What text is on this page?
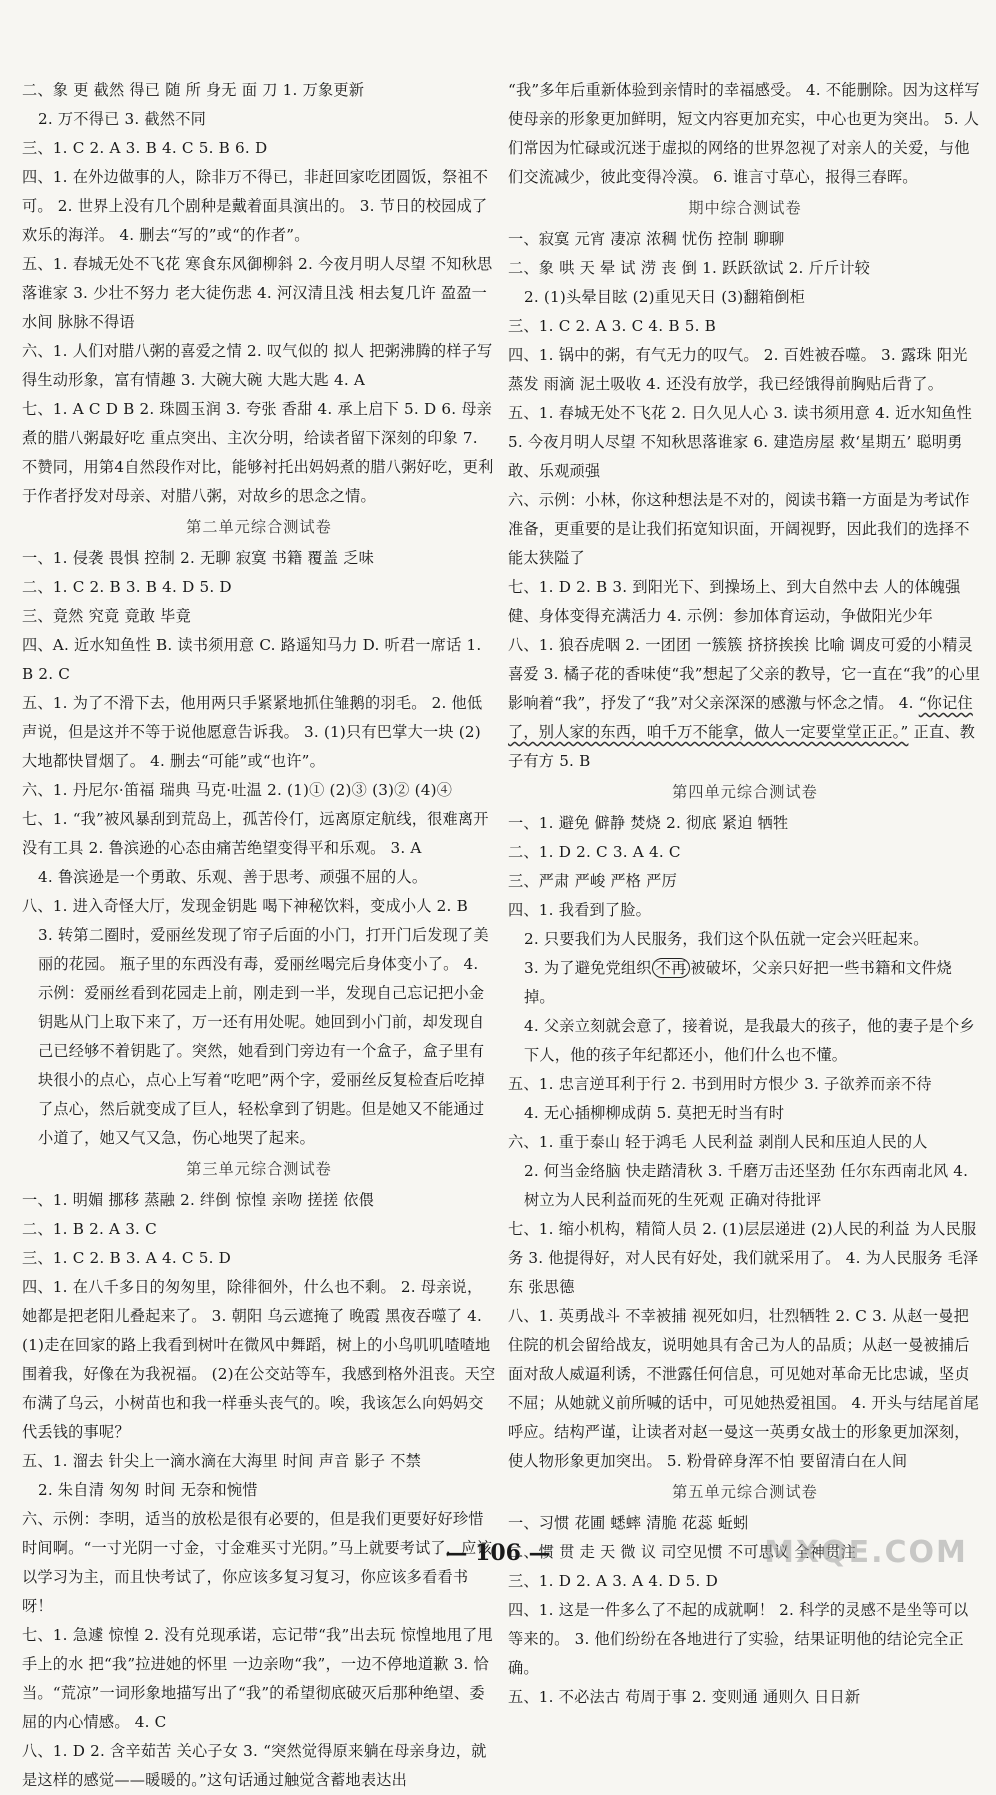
二、象 更 截然 得已 随 所 身无 面 刀 1. 万象更新

2. 万不得已 3. 截然不同

三、1. C 2. A 3. B 4. C 5. B 6. D

四、1. 在外边做事的人，除非万不得已，非赶回家吃团圆饭，祭祖不可。 2. 世界上没有几个剧种是戴着面具演出的。 3. 节日的校园成了欢乐的海洋。 4. 删去“写的”或“的作者”。

五、1. 春城无处不飞花 寒食东风御柳斜 2. 今夜月明人尽望 不知秋思落谁家 3. 少壮不努力 老大徒伤悲 4. 河汉清且浅 相去复几许 盈盈一水间 脉脉不得语

六、1. 人们对腊八粥的喜爱之情 2. 叹气似的 拟人 把粥沸腾的样子写得生动形象，富有情趣 3. 大碗大碗 大匙大匙 4. A

七、1. A C D B 2. 珠圆玉润 3. 夸张 香甜 4. 承上启下 5. D 6. 母亲煮的腊八粥最好吃 重点突出、主次分明，给读者留下深刻的印象 7. 不赞同，用第4自然段作对比，能够衬托出妈妈煮的腊八粥好吃，更利于作者抒发对母亲、对腊八粥，对故乡的思念之情。

第二单元综合测试卷

一、1. 侵袭 畏惧 控制 2. 无聊 寂寞 书籍 覆盖 乏味

二、1. C 2. B 3. B 4. D 5. D

三、竟然 究竟 竟敢 毕竟

四、A. 近水知鱼性 B. 读书须用意 C. 路遥知马力 D. 听君一席话 1. B 2. C

五、1. 为了不滑下去，他用两只手紧紧地抓住雏鹅的羽毛。 2. 他低声说，但是这并不等于说他愿意告诉我。 3. (1)只有巴掌大一块 (2)大地都快冒烟了。 4. 删去“可能”或“也许”。

六、1. 丹尼尔·笛福 瑞典 马克·吐温 2. (1)① (2)③ (3)② (4)④

七、1. “我”被风暴刮到荒岛上，孤苦伶仃，远离原定航线，很难离开 没有工具 2. 鲁滨逊的心态由痛苦绝望变得平和乐观。 3. A

4. 鲁滨逊是一个勇敢、乐观、善于思考、顽强不屈的人。

八、1. 进入奇怪大厅，发现金钥匙 喝下神秘饮料，变成小人 2. B

3. 转第二圈时，爱丽丝发现了帘子后面的小门，打开门后发现了美丽的花园。 瓶子里的东西没有毒，爱丽丝喝完后身体变小了。 4. 示例：爱丽丝看到花园走上前，刚走到一半，发现自己忘记把小金钥匙从门上取下来了，万一还有用处呢。她回到小门前，却发现自己已经够不着钥匙了。突然，她看到门旁边有一个盒子，盒子里有块很小的点心，点心上写着“吃吧”两个字，爱丽丝反复检查后吃掉了点心，然后就变成了巨人，轻松拿到了钥匙。但是她又不能通过小道了，她又气又急，伤心地哭了起来。

第三单元综合测试卷

一、1. 明媚 挪移 蒸融 2. 绊倒 惊惶 亲吻 搓搓 依偎

二、1. B 2. A 3. C

三、1. C 2. B 3. A 4. C 5. D

四、1. 在八千多日的匆匆里，除徘徊外，什么也不剩。 2. 母亲说，她都是把老阳儿叠起来了。 3. 朝阳 乌云遮掩了 晚霞 黑夜吞噬了 4. (1)走在回家的路上我看到树叶在微风中舞蹈，树上的小鸟叽叽喳喳地围着我，好像在为我祝福。 (2)在公交站等车，我感到格外沮丧。天空布满了乌云，小树苗也和我一样垂头丧气的。唉，我该怎么向妈妈交代丢钱的事呢？

五、1. 溜去 针尖上一滴水滴在大海里 时间 声音 影子 不禁

2. 朱自清 匆匆 时间 无奈和惋惜

六、示例：李明，适当的放松是很有必要的，但是我们更要好好珍惜时间啊。“一寸光阴一寸金，寸金难买寸光阴。”马上就要考试了，应该以学习为主，而且快考试了，你应该多复习复习，你应该多看看书呀！

七、1. 急遽 惊惶 2. 没有兑现承诺，忘记带“我”出去玩 惊惶地甩了甩手上的水 把“我”拉进她的怀里 一边亲吻“我”，一边不停地道歉 3. 恰当。“荒凉”一词形象地描写出了“我”的希望彻底破灭后那种绝望、委屈的内心情感。 4. C

八、1. D 2. 含辛茹苦 关心子女 3. “突然觉得原来躺在母亲身边，就是这样的感觉——暖暖的。”这句话通过触觉含蓄地表达出

“我”多年后重新体验到亲情时的幸福感受。 4. 不能删除。因为这样写使母亲的形象更加鲜明，短文内容更加充实，中心也更为突出。 5. 人们常因为忙碌或沉迷于虚拟的网络的世界忽视了对亲人的关爱，与他们交流减少，彼此变得冷漠。 6. 谁言寸草心，报得三春晖。

期中综合测试卷

一、寂寞 元宵 凄凉 浓稠 忧伤 控制 聊聊

二、象 哄 天 晕 试 涝 丧 倒 1. 跃跃欲试 2. 斤斤计较

2. (1)头晕目眩 (2)重见天日 (3)翻箱倒柜

三、1. C 2. A 3. C 4. B 5. B

四、1. 锅中的粥，有气无力的叹气。 2. 百姓被吞噬。 3. 露珠 阳光蒸发 雨滴 泥土吸收 4. 还没有放学，我已经饿得前胸贴后背了。

五、1. 春城无处不飞花 2. 日久见人心 3. 读书须用意 4. 近水知鱼性 5. 今夜月明人尽望 不知秋思落谁家 6. 建造房屋 救‘星期五’ 聪明勇敢、乐观顽强

六、示例：小林，你这种想法是不对的，阅读书籍一方面是为考试作准备，更重要的是让我们拓宽知识面，开阔视野，因此我们的选择不能太狭隘了

七、1. D 2. B 3. 到阳光下、到操场上、到大自然中去 人的体魄强健、身体变得充满活力 4. 示例：参加体育运动，争做阳光少年

八、1. 狼吞虎咽 2. 一团团 一簇簇 挤挤挨挨 比喻 调皮可爱的小精灵 喜爱 3. 橘子花的香味使“我”想起了父亲的教导，它一直在“我”的心里影响着“我”，抒发了“我”对父亲深深的感激与怀念之情。 4. “你记住了，别人家的东西，咱千万不能拿，做人一定要堂堂正正。” 正直、教子有方 5. B

第四单元综合测试卷

一、1. 避免 僻静 焚烧 2. 彻底 紧迫 牺牲

二、1. D 2. C 3. A 4. C

三、严肃 严峻 严格 严厉

四、1. 我看到了脸。

2. 只要我们为人民服务，我们这个队伍就一定会兴旺起来。

3. 为了避免党组织 不再 被破坏，父亲只好把一些书籍和文件烧掉。

4. 父亲立刻就会意了，接着说，是我最大的孩子，他的妻子是个乡下人，他的孩子年纪都还小，他们什么也不懂。

五、1. 忠言逆耳利于行 2. 书到用时方恨少 3. 子欲养而亲不待

4. 无心插柳柳成荫 5. 莫把无时当有时

六、1. 重于泰山 轻于鸿毛 人民利益 剥削人民和压迫人民的人

2. 何当金络脑 快走踏清秋 3. 千磨万击还坚劲 任尔东西南北风 4. 树立为人民利益而死的生死观 正确对待批评

七、1. 缩小机构，精简人员 2. (1)层层递进 (2)人民的利益 为人民服务 3. 他提得好，对人民有好处，我们就采用了。 4. 为人民服务 毛泽东 张思德

八、1. 英勇战斗 不幸被捕 视死如归，壮烈牺牲 2. C 3. 从赵一曼把住院的机会留给战友，说明她具有舍己为人的品质；从赵一曼被捕后面对敌人威逼利诱，不泄露任何信息，可见她对革命无比忠诚，坚贞不屈；从她就义前所喊的话中，可见她热爱祖国。 4. 开头与结尾首尾呼应。结构严谨，让读者对赵一曼这一英勇女战士的形象更加深刻，使人物形象更加突出。 5. 粉骨碎身浑不怕 要留清白在人间

第五单元综合测试卷

一、习惯 花圃 蟋蟀 清脆 花蕊 蚯蚓

二、惯 贯 走 天 微 议 司空见惯 不可思议 全神贯注

三、1. D 2. A 3. A 4. D 5. D

四、1. 这是一件多么了不起的成就啊！ 2. 科学的灵感不是坐等可以等来的。 3. 他们纷纷在各地进行了实验，结果证明他的结论完全正确。

五、1. 不必法古 苟周于事 2. 变则通 通则久 日日新

— 106 —	MXQE.COM
